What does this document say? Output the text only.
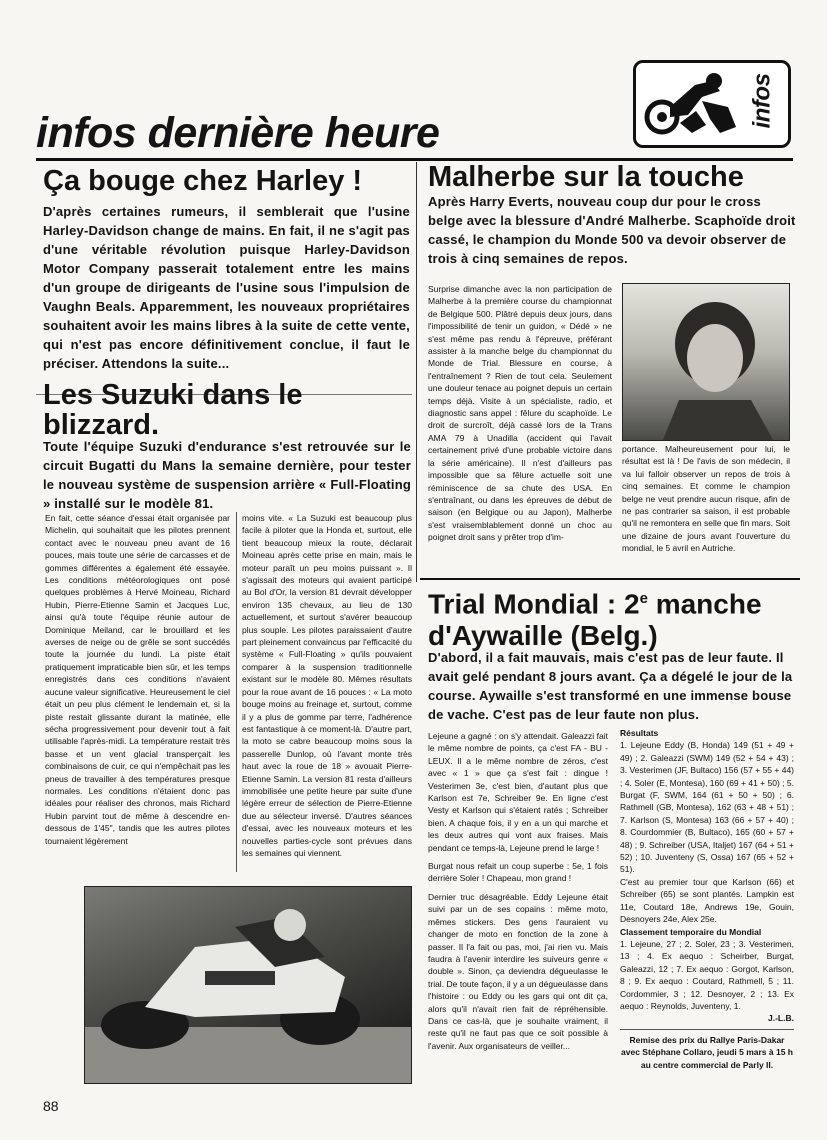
infos dernière heure
infos
Ça bouge chez Harley !

D'après certaines rumeurs, il semblerait que l'usine Harley-Davidson change de mains. En fait, il ne s'agit pas d'une véritable révolution puisque Harley-Davidson Motor Company passerait totalement entre les mains d'un groupe de dirigeants de l'usine sous l'impulsion de Vaughn Beals. Apparemment, les nouveaux propriétaires souhaitent avoir les mains libres à la suite de cette vente, qui n'est pas encore définitivement conclue, il faut le préciser. Attendons la suite...

Les Suzuki dans le blizzard.

Toute l'équipe Suzuki d'endurance s'est retrouvée sur le circuit Bugatti du Mans la semaine dernière, pour tester le nouveau système de suspension arrière « Full-Floating » installé sur le modèle 81.

En fait, cette séance d'essai était organisée par Michelin, qui souhaitait que les pilotes prennent contact avec le nouveau pneu avant de 16 pouces, mais toute une série de carcasses et de gommes différentes a également été essayée. Les conditions météorologiques ont posé quelques problèmes à Hervé Moineau, Richard Hubin, Pierre-Etienne Samin et Jacques Luc, ainsi qu'à toute l'équipe réunie autour de Dominique Meiland, car le brouillard et les averses de neige ou de grêle se sont succédés toute la journée du lundi. La piste était pratiquement impraticable bien sûr, et les temps enregistrés dans ces conditions n'avaient aucune valeur significative. Heureusement le ciel était un peu plus clément le lendemain et, si la piste restait glissante durant la matinée, elle sécha progressivement pour devenir tout à fait utilisable l'après-midi. La température restait très basse et un vent glacial transperçait les combinaisons de cuir, ce qui n'empêchait pas les pneus de travailler à des températures presque normales. Les conditions n'étaient donc pas idéales pour réaliser des chronos, mais Richard Hubin parvint tout de même à descendre en-dessous de 1'45", tandis que les autres pilotes tournaient légèrement

moins vite. « La Suzuki est beaucoup plus facile à piloter que la Honda et, surtout, elle tient beaucoup mieux la route, déclarait Moineau après cette prise en main, mais le moteur paraît un peu moins puissant ». Il s'agissait des moteurs qui avaient participé au Bol d'Or, la version 81 devrait développer environ 135 chevaux, au lieu de 130 actuellement, et surtout s'avérer beaucoup plus souple. Les pilotes paraissaient d'autre part pleinement convaincus par l'efficacité du système « Full-Floating » qu'ils pouvaient comparer à la suspension traditionnelle existant sur le modèle 80. Mêmes résultats pour la roue avant de 16 pouces : « La moto bouge moins au freinage et, surtout, comme il y a plus de gomme par terre, l'adhérence est fantastique à ce moment-là. D'autre part, la moto se cabre beaucoup moins sous la passerelle Dunlop, où l'avant monte très haut avec la roue de 18 » avouait Pierre-Etienne Samin. La version 81 resta d'ailleurs immobilisée une petite heure par suite d'une légère erreur de sélection de Pierre-Etienne due au sélecteur inversé. D'autres séances d'essai, avec les nouveaux moteurs et les nouvelles parties-cycle sont prévues dans les semaines qui viennent.

Malherbe sur la touche

Après Harry Everts, nouveau coup dur pour le cross belge avec la blessure d'André Malherbe. Scaphoïde droit cassé, le champion du Monde 500 va devoir observer de trois à cinq semaines de repos.

Surprise dimanche avec la non participation de Malherbe à la première course du championnat de Belgique 500. Plâtré depuis deux jours, dans l'impossibilité de tenir un guidon, « Dédé » ne s'est même pas rendu à l'épreuve, préférant assister à la manche belge du championnat du Monde de Trial. Blessure en course, à l'entraînement ? Rien de tout cela. Seulement une douleur tenace au poignet depuis un certain temps déjà. Visite à un spécialiste, radio, et diagnostic sans appel : fêlure du scaphoïde. Le droit de surcroît, déjà cassé lors de la Trans AMA 79 à Unadilla (accident qui l'avait certainement privé d'une probable victoire dans la série américaine). Il n'est d'ailleurs pas impossible que sa fêlure actuelle soit une réminiscence de sa chute des USA. En s'entraînant, ou dans les épreuves de début de saison (en Belgique ou au Japon), Malherbe s'est vraisemblablement donné un choc au poignet droit sans y prêter trop d'im-

portance. Malheureusement pour lui, le résultat est là ! De l'avis de son médecin, il va lui falloir observer un repos de trois à cinq semaines. Et comme le champion belge ne veut prendre aucun risque, afin de ne pas contrarier sa saison, il est probable qu'il ne remontera en selle que fin mars. Soit une dizaine de jours avant l'ouverture du mondial, le 5 avril en Autriche.

Trial Mondial : 2e manche
d'Aywaille (Belg.)

D'abord, il a fait mauvais, mais c'est pas de leur faute. Il avait gelé pendant 8 jours avant. Ça a dégelé le jour de la course. Aywaille s'est transformé en une immense bouse de vache. C'est pas de leur faute non plus.

Lejeune a gagné : on s'y attendait. Galeazzi fait le même nombre de points, ça c'est FA - BU - LEUX. Il a le même nombre de zéros, c'est avec « 1 » que ça s'est fait : dingue ! Vesterimen 3e, c'est bien, d'autant plus que Karlson est 7e, Schreiber 9e. En ligne c'est Vesty et Karlson qui s'étaient ratés ; Schreiber bien. A chaque fois, il y en a un qui marche et les deux autres qui vont aux fraises. Mais pendant ce temps-là, Lejeune prend le large !

Burgat nous refait un coup superbe : 5e, 1 fois derrière Soler ! Chapeau, mon grand !

Dernier truc désagréable. Eddy Lejeune était suivi par un de ses copains : même moto, mêmes stickers. Des gens l'auraient vu changer de moto en fonction de la zone à passer. Il l'a fait ou pas, moi, j'ai rien vu. Mais faudra à l'avenir interdire les suiveurs genre « double ». Sinon, ça deviendra dégueulasse le trial. De toute façon, il y a un dégueulasse dans l'histoire : ou Eddy ou les gars qui ont dit ça, alors qu'il n'avait rien fait de répréhensible. Dans ce cas-là, que je souhaite vraiment, il reste qu'il ne faut pas que ce soit possible à l'avenir. Aux organisateurs de veiller...

Résultats

1. Lejeune Eddy (B, Honda) 149 (51 + 49 + 49) ; 2. Galeazzi (SWM) 149 (52 + 54 + 43) ; 3. Vesterimen (JF, Bultaco) 156 (57 + 55 + 44) ; 4. Soler (E, Montesa), 160 (69 + 41 + 50) ; 5. Burgat (F, SWM, 164 (61 + 50 + 50) ; 6. Rathmell (GB, Montesa), 162 (63 + 48 + 51) ; 7. Karlson (S, Montesa) 163 (66 + 57 + 40) ; 8. Courdommier (B, Bultaco), 165 (60 + 57 + 48) ; 9. Schreiber (USA, Italjet) 167 (64 + 51 + 52) ; 10. Juventeny (S, Ossa) 167 (65 + 52 + 51).

C'est au premier tour que Karlson (66) et Schreiber (65) se sont plantés. Lampkin est 11e, Coutard 18e, Andrews 19e, Gouin, Desnoyers 24e, Alex 25e.

Classement temporaire du Mondial

1. Lejeune, 27 ; 2. Soler, 23 ; 3. Vesterimen, 13 ; 4. Ex aequo : Scheirber, Burgat, Galeazzi, 12 ; 7. Ex aequo : Gorgot, Karlson, 8 ; 9. Ex aequo : Coutard, Rathmell, 5 ; 11. Cordommier, 3 ; 12. Desnoyer, 2 ; 13. Ex aequo : Reynolds, Juventeny, 1.

J.-L.B.

Remise des prix du Rallye Paris-Dakar avec Stéphane Collaro, jeudi 5 mars à 15 h au centre commercial de Parly II.

88
